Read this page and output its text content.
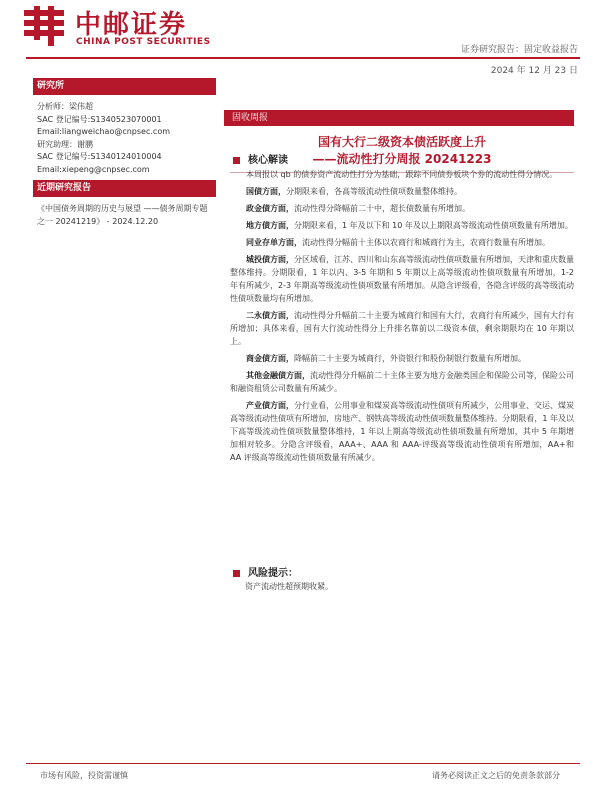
中邮证券
CHINA POST SECURITIES
证券研究报告：固定收益报告
2024 年 12 月 23 日
研究所
分析师：梁伟超
SAC 登记编号:S1340523070001
Email:liangweichao@cnpsec.com
研究助理：谢鹏
SAC 登记编号:S1340124010004
Email:xiepeng@cnpsec.com
近期研究报告
《中国债务周期的历史与展望 ——债务周期专题之一 20241219》 - 2024.12.20
固收周报
国有大行二级资本债活跃度上升
——流动性打分周报 20241223
核心解读

本周报以 qb 的债券资产流动性打分为基础，跟踪不同债券板块个券的流动性得分情况。

国债方面，分期限来看，各高等级流动性债项数量整体维持。

政金债方面，流动性得分降幅前二十中，超长债数量有所增加。

地方债方面，分期限来看，1 年及以下和 10 年及以上期限高等级流动性债项数量有所增加。

同业存单方面，流动性得分幅前十主体以农商行和城商行为主，农商行数量有所增加。

城投债方面，分区域看，江苏、四川和山东高等级流动性债项数量有所增加，天津和重庆数量整体维持。分期限看，1 年以内、3-5 年期和 5 年期以上高等级流动性债项数量有所增加，1-2 年有所减少，2-3 年期高等级流动性债项数量有所增加。从隐含评级看，各隐含评级的高等级流动性债项数量均有所增加。

二永债方面，流动性得分升幅前二十主要为城商行和国有大行，农商行有所减少，国有大行有所增加；具体来看，国有大行流动性得分上升排名靠前以二级资本债，剩余期限均在 10 年期以上。

商金债方面，降幅前二十主要为城商行，外资银行和股份制银行数量有所增加。

其他金融债方面，流动性得分升幅前二十主体主要为地方金融类国企和保险公司等，保险公司和融资租赁公司数量有所减少。

产业债方面，分行业看，公用事业和煤炭高等级流动性债项有所减少，公用事业、交运、煤炭高等级流动性债项有所增加，房地产、钢铁高等级流动性债项数量整体维持。分期限看，1 年及以下高等级流动性债项数量整体维持，1 年以上期高等级流动性债项数量有所增加，其中 5 年期增加相对较多。分隐含评级看，AAA+、AAA 和 AAA-评级高等级流动性债项有所增加，AA+和 AA 评级高等级流动性债项数量有所减少。

风险提示：
资产流动性超预期收紧。
市场有风险，投资需谨慎	请务必阅读正文之后的免责条款部分
